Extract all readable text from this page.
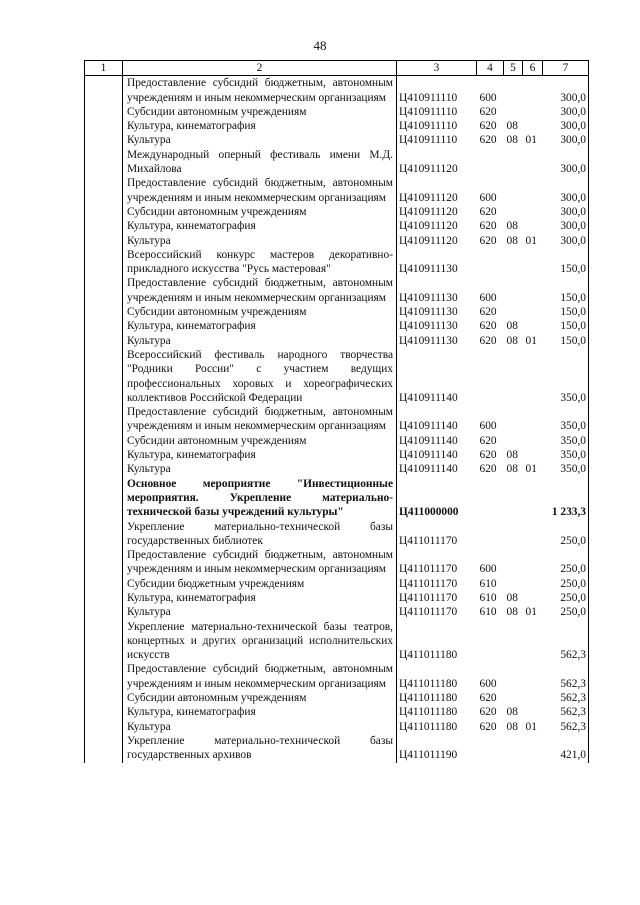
48
1	2	3	4	5	6	7
	Предоставление субсидий бюджетным, автономным учреждениям и иным некоммерческим организациям	Ц410911110	600			300,0
	Субсидии автономным учреждениям	Ц410911110	620			300,0
	Культура, кинематография	Ц410911110	620	08		300,0
	Культура	Ц410911110	620	08	01	300,0
	Международный оперный фестиваль имени М.Д. Михайлова	Ц410911120				300,0
	Предоставление субсидий бюджетным, автономным учреждениям и иным некоммерческим организациям	Ц410911120	600			300,0
	Субсидии автономным учреждениям	Ц410911120	620			300,0
	Культура, кинематография	Ц410911120	620	08		300,0
	Культура	Ц410911120	620	08	01	300,0
	Всероссийский конкурс мастеров декоративно-прикладного искусства "Русь мастеровая"	Ц410911130				150,0
	Предоставление субсидий бюджетным, автономным учреждениям и иным некоммерческим организациям	Ц410911130	600			150,0
	Субсидии автономным учреждениям	Ц410911130	620			150,0
	Культура, кинематография	Ц410911130	620	08		150,0
	Культура	Ц410911130	620	08	01	150,0
	Всероссийский фестиваль народного творчества "Родники России" с участием ведущих профессиональных хоровых и хореографических коллективов Российской Федерации	Ц410911140				350,0
	Предоставление субсидий бюджетным, автономным учреждениям и иным некоммерческим организациям	Ц410911140	600			350,0
	Субсидии автономным учреждениям	Ц410911140	620			350,0
	Культура, кинематография	Ц410911140	620	08		350,0
	Культура	Ц410911140	620	08	01	350,0
	Основное мероприятие "Инвестиционные мероприятия. Укрепление материально-технической базы учреждений культуры"	Ц411000000				1 233,3
	Укрепление материально-технической базы государственных библиотек	Ц411011170				250,0
	Предоставление субсидий бюджетным, автономным учреждениям и иным некоммерческим организациям	Ц411011170	600			250,0
	Субсидии бюджетным учреждениям	Ц411011170	610			250,0
	Культура, кинематография	Ц411011170	610	08		250,0
	Культура	Ц411011170	610	08	01	250,0
	Укрепление материально-технической базы театров, концертных и других организаций исполнительских искусств	Ц411011180				562,3
	Предоставление субсидий бюджетным, автономным учреждениям и иным некоммерческим организациям	Ц411011180	600			562,3
	Субсидии автономным учреждениям	Ц411011180	620			562,3
	Культура, кинематография	Ц411011180	620	08		562,3
	Культура	Ц411011180	620	08	01	562,3
	Укрепление материально-технической базы государственных архивов	Ц411011190				421,0
